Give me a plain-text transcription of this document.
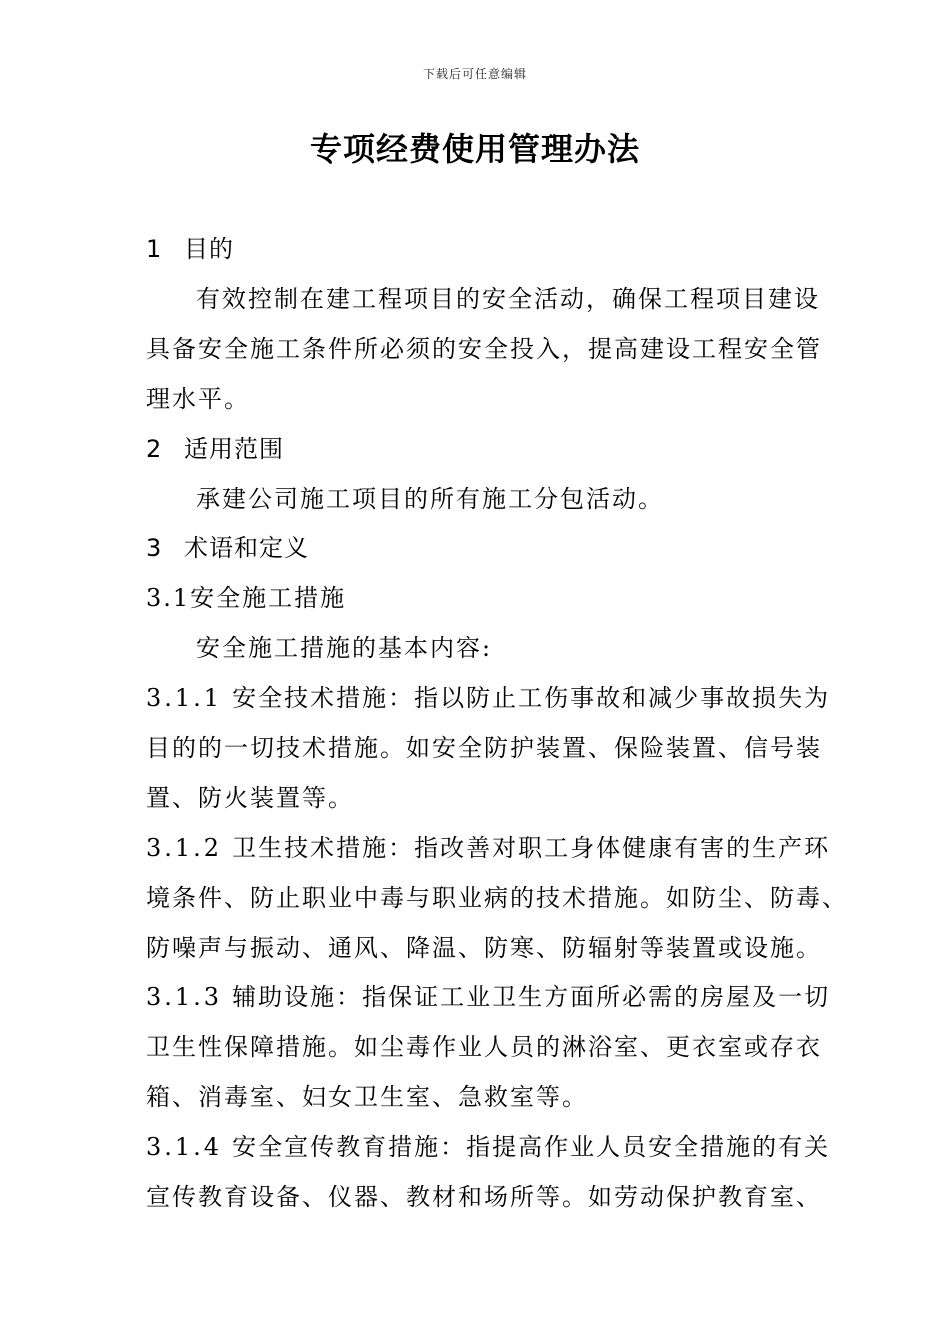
下载后可任意编辑
专项经费使用管理办法
1 目的
有效控制在建工程项目的安全活动，确保工程项目建设
具备安全施工条件所必须的安全投入，提高建设工程安全管
理水平。
2 适用范围
承建公司施工项目的所有施工分包活动。
3 术语和定义
3.1安全施工措施
安全施工措施的基本内容:
3.1.1 安全技术措施：指以防止工伤事故和减少事故损失为
目的的一切技术措施。如安全防护装置、保险装置、信号装
置、防火装置等。
3.1.2 卫生技术措施：指改善对职工身体健康有害的生产环
境条件、防止职业中毒与职业病的技术措施。如防尘、防毒、
防噪声与振动、通风、降温、防寒、防辐射等装置或设施。
3.1.3 辅助设施：指保证工业卫生方面所必需的房屋及一切
卫生性保障措施。如尘毒作业人员的淋浴室、更衣室或存衣
箱、消毒室、妇女卫生室、急救室等。
3.1.4 安全宣传教育措施：指提高作业人员安全措施的有关
宣传教育设备、仪器、教材和场所等。如劳动保护教育室、
